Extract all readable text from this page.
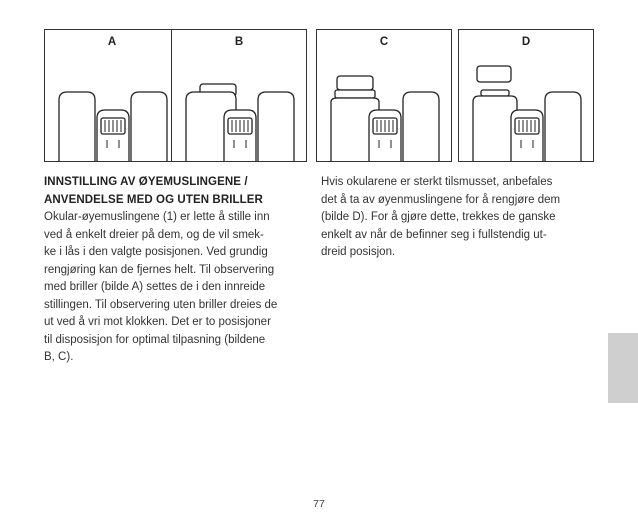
A	B	C	D
INNSTILLING AV ØYEMUSLINGENE /
ANVENDELSE MED OG UTEN BRILLER
Okular-øyemuslingene (1) er lette å stille inn
ved å enkelt dreier på dem, og de vil smek-
ke i lås i den valgte posisjonen. Ved grundig
rengjøring kan de fjernes helt. Til observering
med briller (bilde A) settes de i den innreide
stillingen. Til observering uten briller dreies de
ut ved å vri mot klokken. Det er to posisjoner
til disposisjon for optimal tilpasning (bildene
B, C).
Hvis okularene er sterkt tilsmusset, anbefales
det å ta av øyenmuslingene for å rengjøre dem
(bilde D). For å gjøre dette, trekkes de ganske
enkelt av når de befinner seg i fullstendig ut-
dreid posisjon.
77
